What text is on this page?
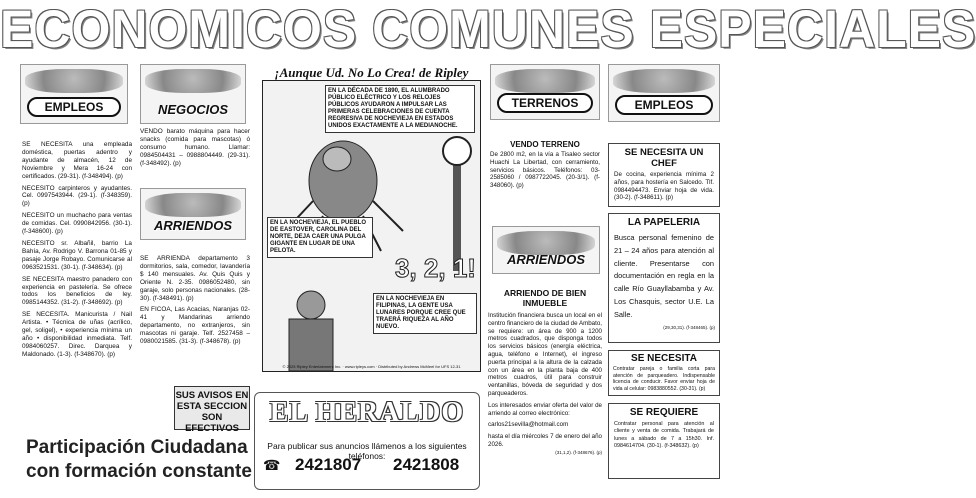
ECONOMICOS COMUNES ESPECIALES
EMPLEOS

SE NECESITA una empleada doméstica, puertas adentro y ayudante de almacén, 12 de Noviembre y Mera 16-24 con certificados. (29-31). (f-348494). (p)

NECESITO carpinteros y ayudantes. Cel. 0997543944. (29-1). (f-348359). (p)

NECESITO un muchacho para ventas de comidas. Cel. 0990842956. (30-1). (f-348600). (p)

NECESITO sr. Albañil, barrio La Bahía, Av. Rodrigo V. Barrona 01-85 y pasaje Jorge Robayo. Comunicarse al 0963521531. (30-1). (f-348634). (p)

SE NECESITA maestro panadero con experiencia en pastelería. Se ofrece todos los beneficios de ley. 0985144352. (31-2). (f-348692). (p)

SE NECESITA. Manicurista / Nail Artista. • Técnica de uñas (acrílico, gel, soligel), • experiencia mínima un año • disponibilidad inmediata. Telf. 0984060257. Direc. Darquea y Maldonado. (1-3). (f-348670). (p)

NEGOCIOS

VENDO barato máquina para hacer snacks (comida para mascotas) ó consumo humano. Llamar: 0984504431 – 0988804449. (29-31). (f-348492). (p)

ARRIENDOS

SE ARRIENDA departamento 3 dormitorios, sala, comedor, lavandería $ 140 mensuales. Av. Quis Quis y Oriente N. 2-35. 0986052480, sin garaje, solo personas nacionales. (28-30). (f-348491). (p)

EN FICOA, Las Acacias, Naranjas 02-41 y Mandarinas arriendo departamento, no extranjeros, sin mascotas ni garaje. Telf. 2527458 – 0980021585. (31-3). (f-348678). (p)

SUS AVISOS EN ESTA SECCION SON EFECTIVOS
Participación Ciudadana
con formación constante
¡Aunque Ud. No Lo Crea! de Ripley
EN LA DÉCADA DE 1890, EL ALUMBRADO PÚBLICO ELÉCTRICO Y LOS RELOJES PÚBLICOS AYUDARON A IMPULSAR LAS PRIMERAS CELEBRACIONES DE CUENTA REGRESIVA DE NOCHEVIEJA EN ESTADOS UNIDOS EXACTAMENTE A LA MEDIANOCHE.
3, 2, 1!
EN LA NOCHEVIEJA, EL PUEBLO DE EASTOVER, CAROLINA DEL NORTE, DEJA CAER UNA PULGA GIGANTE EN LUGAR DE UNA PELOTA.
EN LA NOCHEVIEJA EN FILIPINAS, LA GENTE USA LUNARES PORQUE CREE QUE TRAERÁ RIQUEZA AL AÑO NUEVO.
© 2025 Ripley Entertainment Inc. · www.ripleys.com · Distributed by Andrews McMeel for UFS 12-31
EL HERALDO
Para publicar sus anuncios llámenos a los siguientes teléfonos:
☎ 2421807 2421808
TERRENOS
VENDO TERRENO
De 2800 m2, en la vía a Tisaleo sector Huachi La Libertad, con cerramiento, servicios básicos. Teléfonos: 03-2585060 / 0987722045. (20-3/1). (f-348060). (p)
ARRIENDOS
ARRIENDO DE BIEN INMUEBLE
Institución financiera busca un local en el centro financiero de la ciudad de Ambato, se requiere: un área de 900 a 1200 metros cuadrados, que disponga todos los servicios básicos (energía eléctrica, agua, teléfono e Internet), el ingreso puerta principal a la altura de la calzada con un área en la planta baja de 400 metros cuadros, útil para construir ventanillas, bóveda de seguridad y dos parqueaderos.
Los interesados enviar oferta del valor de arriendo al correo electrónico:
carlos21sevilla@hotmail.com
hasta el día miércoles 7 de enero del año 2026.
(31,1,2). (f-348676). (p)
EMPLEOS
SE NECESITA UN CHEF
De cocina, experiencia mínima 2 años, para hostería en Salcedo. Tlf. 0984494473. Enviar hoja de vida. (30-2). (f-348611). (p)
LA PAPELERIA
Busca personal femenino de 21 – 24 años para atención al cliente. Presentarse con documentación en regla en la calle Río Guayllabamba y Av. Los Chasquis, sector U.E. La Salle.
(29,30,31). (f-348465). (p)
SE NECESITA
Contratar pareja o familia corta para atención de parqueadero. Indispensable licencia de conducir. Favor enviar hoja de vida al celular: 0983880552. (30-31). (p)
SE REQUIERE
Contratar personal para atención al cliente y venta de comida. Trabajará de lunes a sábado de 7 a 15h30. Inf. 0984614704. (30-1). (f-348632). (p)
